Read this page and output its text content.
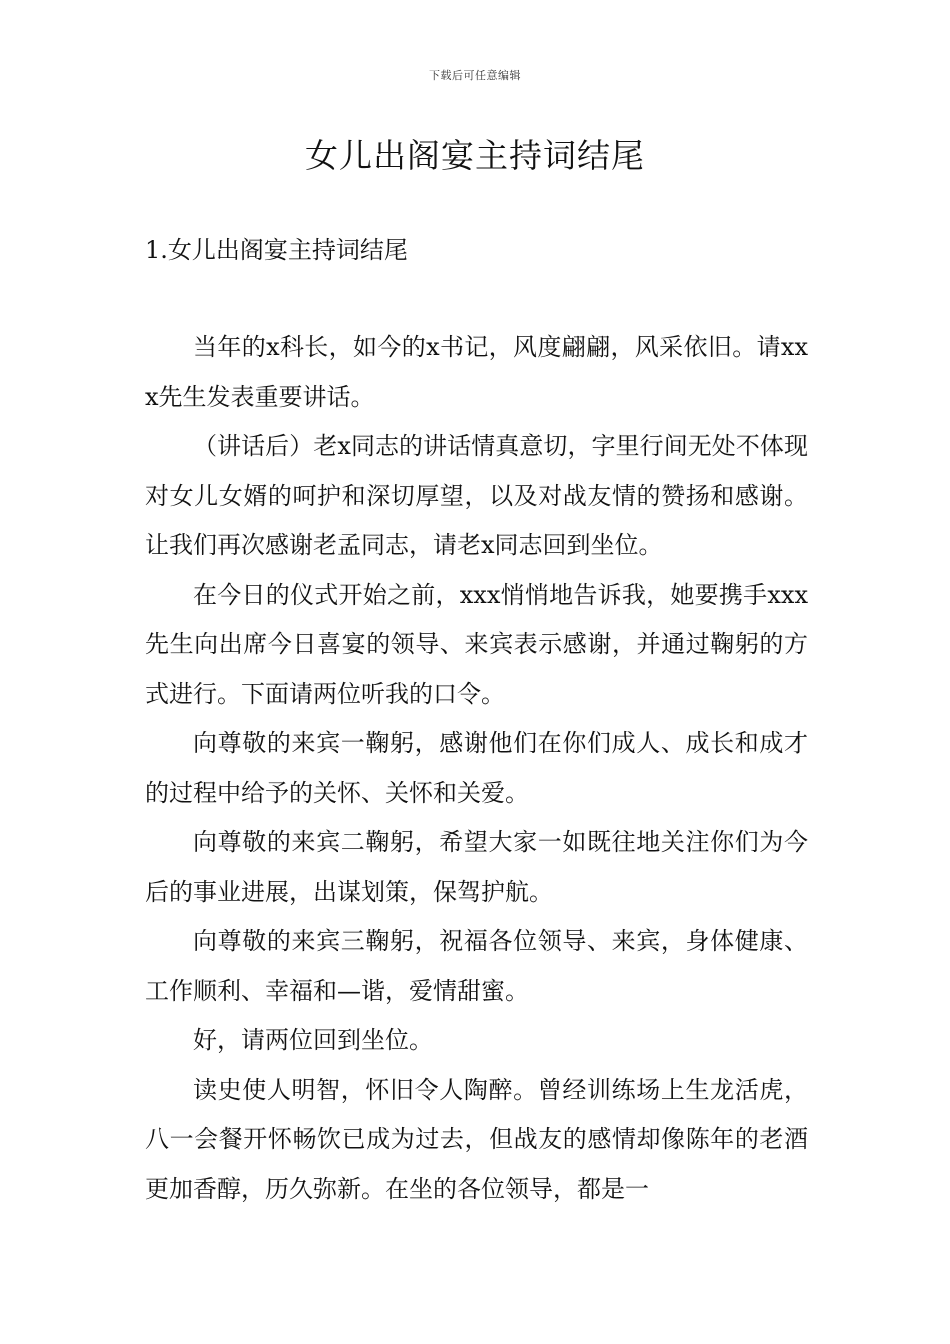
下载后可任意编辑
女儿出阁宴主持词结尾
1.女儿出阁宴主持词结尾

当年的x科长，如今的x书记，风度翩翩，风采依旧。请xxx先生发表重要讲话。

（讲话后）老x同志的讲话情真意切，字里行间无处不体现对女儿女婿的呵护和深切厚望，以及对战友情的赞扬和感谢。让我们再次感谢老孟同志，请老x同志回到坐位。

在今日的仪式开始之前，xxx悄悄地告诉我，她要携手xxx先生向出席今日喜宴的领导、来宾表示感谢，并通过鞠躬的方式进行。下面请两位听我的口令。

向尊敬的来宾一鞠躬，感谢他们在你们成人、成长和成才的过程中给予的关怀、关怀和关爱。

向尊敬的来宾二鞠躬，希望大家一如既往地关注你们为今后的事业进展，出谋划策，保驾护航。

向尊敬的来宾三鞠躬，祝福各位领导、来宾，身体健康、工作顺利、幸福和—谐，爱情甜蜜。

好，请两位回到坐位。

读史使人明智，怀旧令人陶醉。曾经训练场上生龙活虎，八一会餐开怀畅饮已成为过去，但战友的感情却像陈年的老酒更加香醇，历久弥新。在坐的各位领导，都是一
